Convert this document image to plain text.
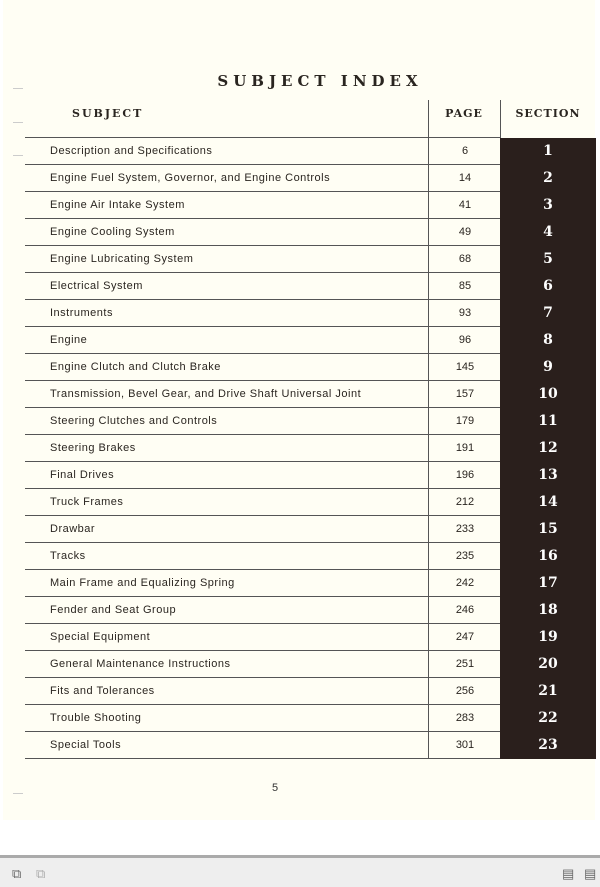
SUBJECT INDEX
SUBJECT	PAGE	SECTION
Description and Specifications	6	1
Engine Fuel System, Governor, and Engine Controls	14	2
Engine Air Intake System	41	3
Engine Cooling System	49	4
Engine Lubricating System	68	5
Electrical System	85	6
Instruments	93	7
Engine	96	8
Engine Clutch and Clutch Brake	145	9
Transmission, Bevel Gear, and Drive Shaft Universal Joint	157	10
Steering Clutches and Controls	179	11
Steering Brakes	191	12
Final Drives	196	13
Truck Frames	212	14
Drawbar	233	15
Tracks	235	16
Main Frame and Equalizing Spring	242	17
Fender and Seat Group	246	18
Special Equipment	247	19
General Maintenance Instructions	251	20
Fits and Tolerances	256	21
Trouble Shooting	283	22
Special Tools	301	23
5
⧉ ⧉	▤ ▤
